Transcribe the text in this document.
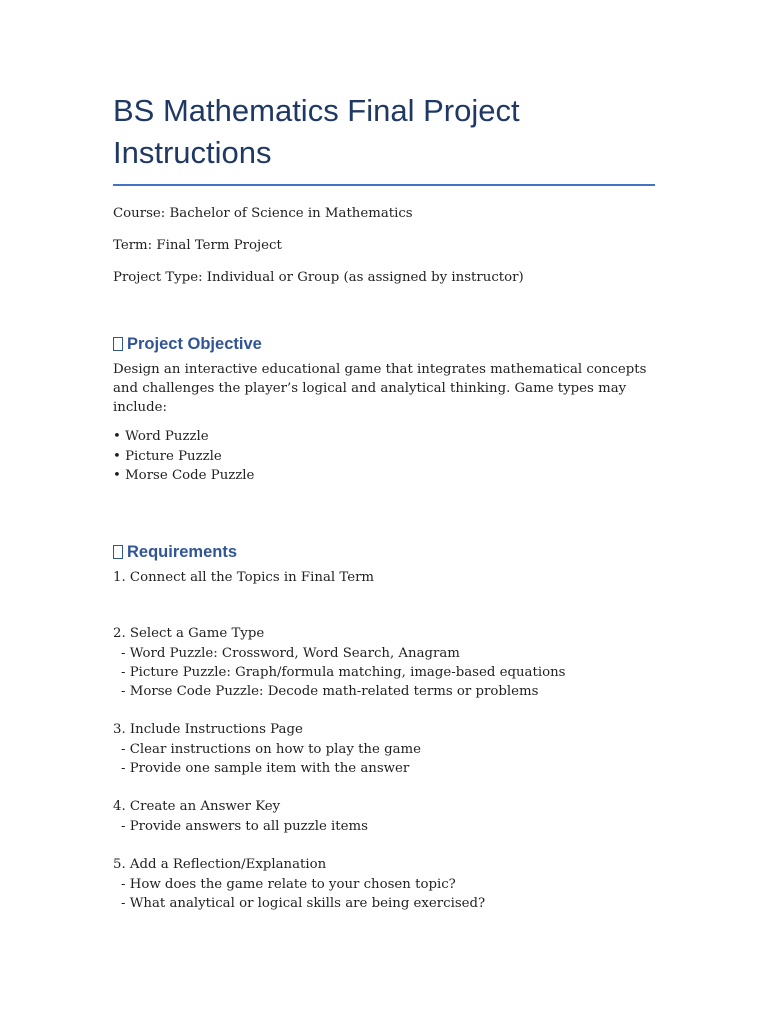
BS Mathematics Final Project Instructions

Course: Bachelor of Science in Mathematics

Term: Final Term Project

Project Type: Individual or Group (as assigned by instructor)

Project Objective

Design an interactive educational game that integrates mathematical concepts and challenges the player’s logical and analytical thinking. Game types may include:

• Word Puzzle
• Picture Puzzle
• Morse Code Puzzle
Requirements
1. Connect all the Topics in Final Term
2. Select a Game Type
- Word Puzzle: Crossword, Word Search, Anagram
- Picture Puzzle: Graph/formula matching, image-based equations
- Morse Code Puzzle: Decode math-related terms or problems
3. Include Instructions Page
- Clear instructions on how to play the game
- Provide one sample item with the answer
4. Create an Answer Key
- Provide answers to all puzzle items
5. Add a Reflection/Explanation
- How does the game relate to your chosen topic?
- What analytical or logical skills are being exercised?
